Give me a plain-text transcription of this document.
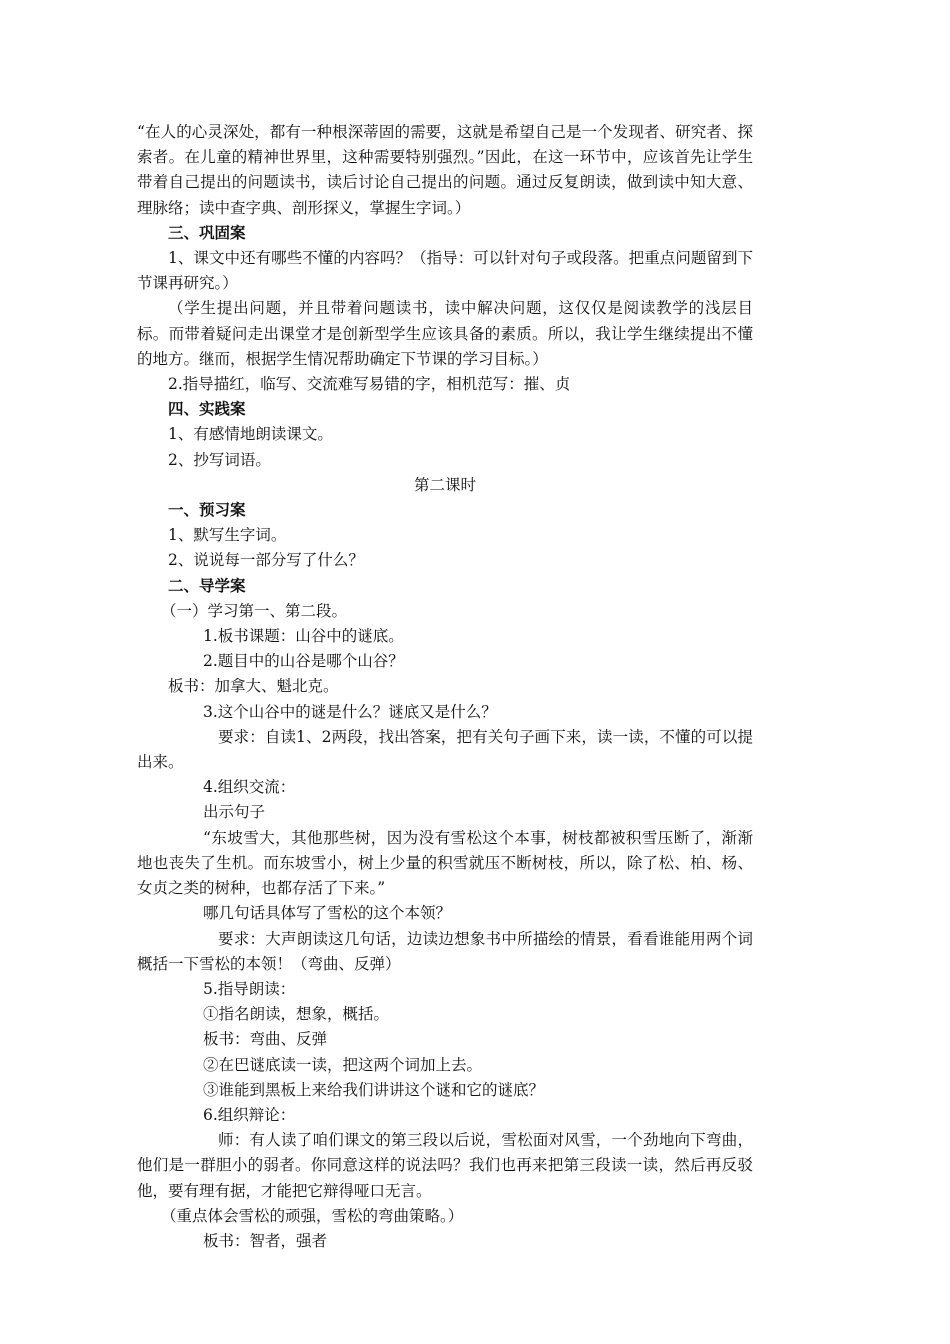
“在人的心灵深处，都有一种根深蒂固的需要，这就是希望自己是一个发现者、研究者、探索者。在儿童的精神世界里，这种需要特别强烈。”因此，在这一环节中，应该首先让学生带着自己提出的问题读书，读后讨论自己提出的问题。通过反复朗读，做到读中知大意、理脉络；读中查字典、剖形探义，掌握生字词。）

三、巩固案

1、课文中还有哪些不懂的内容吗？（指导：可以针对句子或段落。把重点问题留到下节课再研究。）

（学生提出问题，并且带着问题读书，读中解决问题，这仅仅是阅读教学的浅层目标。而带着疑问走出课堂才是创新型学生应该具备的素质。所以，我让学生继续提出不懂的地方。继而，根据学生情况帮助确定下节课的学习目标。）

2.指导描红，临写、交流难写易错的字，相机范写：摧、贞

四、实践案

1、有感情地朗读课文。

2、抄写词语。

第二课时

一、预习案

1、默写生字词。

2、说说每一部分写了什么？

二、导学案

（一）学习第一、第二段。

1.板书课题：山谷中的谜底。

2.题目中的山谷是哪个山谷？

板书：加拿大、魁北克。

3.这个山谷中的谜是什么？谜底又是什么？

要求：自读1、2两段，找出答案，把有关句子画下来，读一读，不懂的可以提出来。

4.组织交流：

出示句子

“东坡雪大，其他那些树，因为没有雪松这个本事，树枝都被积雪压断了，渐渐地也丧失了生机。而东坡雪小，树上少量的积雪就压不断树枝，所以，除了松、柏、杨、女贞之类的树种，也都存活了下来。”

哪几句话具体写了雪松的这个本领？

要求：大声朗读这几句话，边读边想象书中所描绘的情景，看看谁能用两个词概括一下雪松的本领！（弯曲、反弹）

5.指导朗读：

①指名朗读，想象，概括。

板书：弯曲、反弹

②在巴谜底读一读，把这两个词加上去。

③谁能到黑板上来给我们讲讲这个谜和它的谜底？

6.组织辩论：

师：有人读了咱们课文的第三段以后说，雪松面对风雪，一个劲地向下弯曲，他们是一群胆小的弱者。你同意这样的说法吗？我们也再来把第三段读一读，然后再反驳他，要有理有据，才能把它辩得哑口无言。

（重点体会雪松的顽强，雪松的弯曲策略。）

板书：智者，强者
